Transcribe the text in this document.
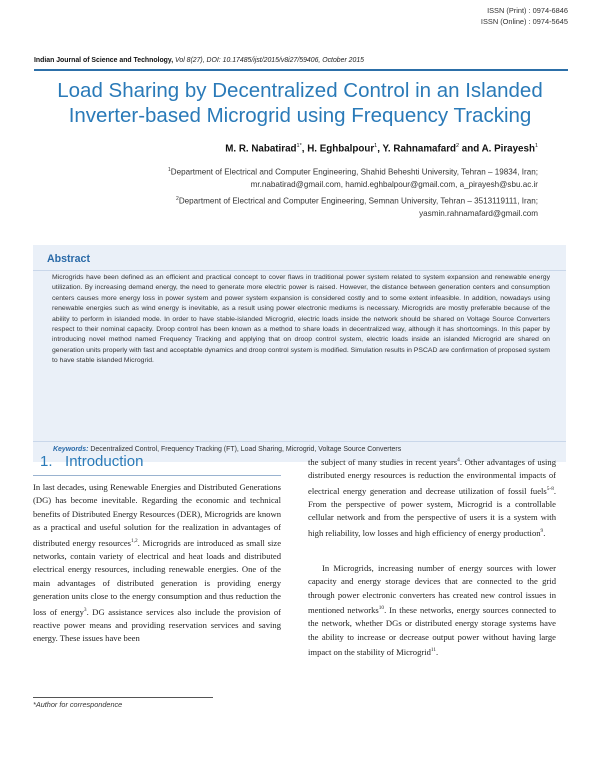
ISSN (Print) : 0974-6846
ISSN (Online) : 0974-5645
Indian Journal of Science and Technology, Vol 8(27), DOI: 10.17485/ijst/2015/v8i27/59406, October 2015
Load Sharing by Decentralized Control in an Islanded
Inverter-based Microgrid using Frequency Tracking
M. R. Nabatirad$^{1*}$, H. Eghbalpour$^1$, Y. Rahnamafard$^2$ and A. Pirayesh$^1$
$^1$Department of Electrical and Computer Engineering, Shahid Beheshti University, Tehran – 19834, Iran;
mr.nabatirad@gmail.com, hamid.eghbalpour@gmail.com, a_pirayesh@sbu.ac.ir
$^2$Department of Electrical and Computer Engineering, Semnan University, Tehran – 3513119111, Iran;
yasmin.rahnamafard@gmail.com
Abstract

Microgrids have been defined as an efficient and practical concept to cover flaws in traditional power system related to system expansion and renewable energy utilization. By increasing demand energy, the need to generate more electric power is raised. However, the distance between generation centers and consumption centers causes more energy loss in power system and power system expansion is considered costly and to some extent infeasible. In addition, nowadays using renewable energies such as wind energy is inevitable, as a result using power electronic mediums is necessary. Microgrids are mostly preferable because of the ability to perform in islanded mode. In order to have stable-islanded Microgrid, electric loads inside the network should be shared on Voltage Source Converters respect to their nominal capacity. Droop control has been known as a method to share loads in decentralized way, although it has shortcomings. In this paper by introducing novel method named Frequency Tracking and applying that on droop control system, electric loads inside an islanded Microgrid are shared on generation units properly with fast and acceptable dynamics and droop control system is modified. Simulation results in PSCAD are confirmation of proposed system to have stable islanded Microgrid.

Keywords: Decentralized Control, Frequency Tracking (FT), Load Sharing, Microgrid, Voltage Source Converters
1. Introduction

In last decades, using Renewable Energies and Distributed Generations (DG) has become inevitable. Regarding the economic and technical benefits of Distributed Energy Resources (DER), Microgrids are known as a practical and useful solution for the realization in advantages of distributed energy resources$^{1,2}$. Microgrids are introduced as small size networks, contain variety of electrical and heat loads and distributed electrical energy resources, including renewable energies. One of the main advantages of distributed generation is providing energy generation units close to the energy consumption and thus reduction the loss of energy$^3$. DG assistance services also include the provision of reactive power means and providing reservation services and saving energy. These issues have been

the subject of many studies in recent years$^4$. Other advantages of using distributed energy resources is reduction the environmental impacts of electrical energy generation and decrease utilization of fossil fuels$^{5-8}$. From the perspective of power system, Microgrid is a controllable cellular network and from the perspective of users it is a system with high reliability, low losses and high efficiency of energy production$^9$.

In Microgrids, increasing number of energy sources with lower capacity and energy storage devices that are connected to the grid through power electronic converters has created new control issues in mentioned networks$^{10}$. In these networks, energy sources connected to the network, whether DGs or distributed energy storage systems have the ability to increase or decrease output power without having large impact on the stability of Microgrid$^{11}$.

*Author for correspondence
